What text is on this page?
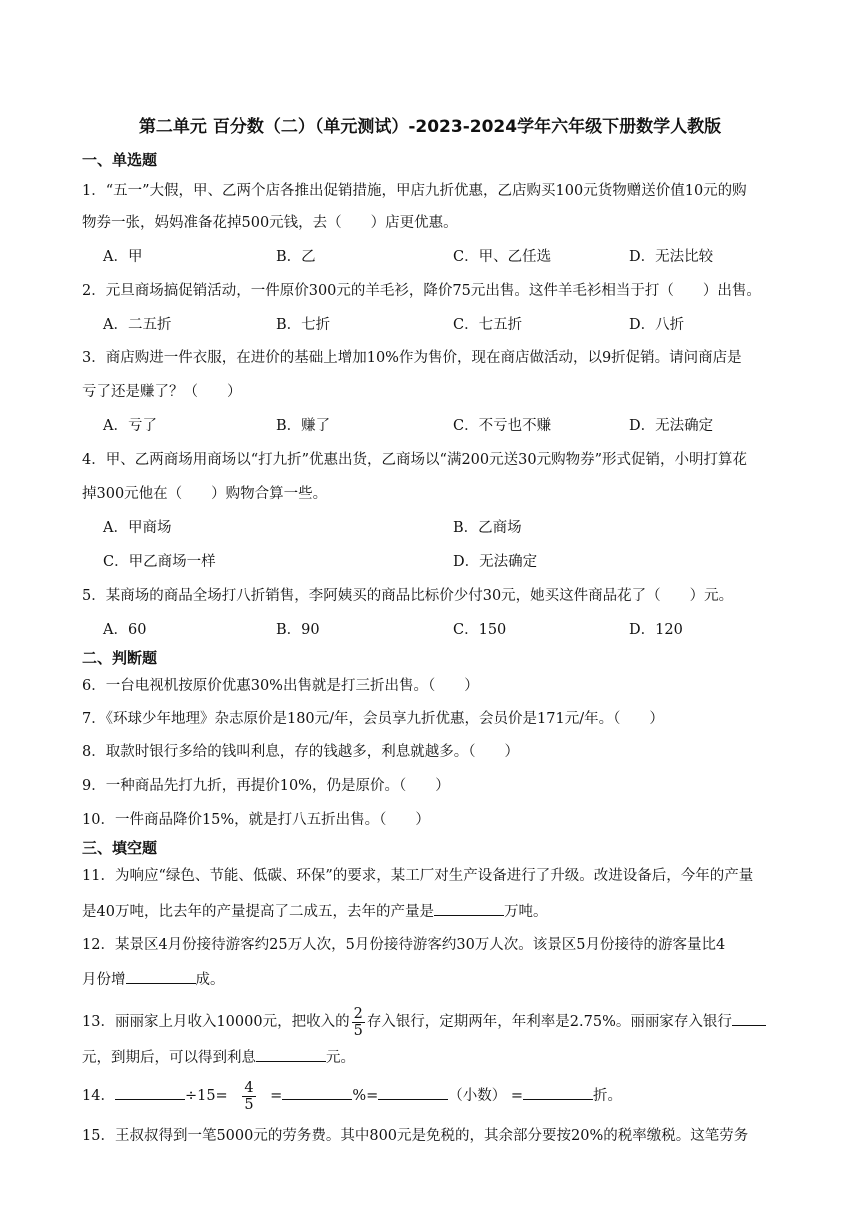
第二单元 百分数（二）（单元测试）-2023-2024学年六年级下册数学人教版
一、单选题
1．“五一”大假，甲、乙两个店各推出促销措施，甲店九折优惠，乙店购买100元货物赠送价值10元的购
物券一张，妈妈准备花掉500元钱，去（　　）店更优惠。
A．甲	B．乙	C．甲、乙任选	D．无法比较
2．元旦商场搞促销活动，一件原价300元的羊毛衫，降价75元出售。这件羊毛衫相当于打（　　）出售。
A．二五折	B．七折	C．七五折	D．八折
3．商店购进一件衣服，在进价的基础上增加10%作为售价，现在商店做活动，以9折促销。请问商店是
亏了还是赚了？（　　）
A．亏了	B．赚了	C．不亏也不赚	D．无法确定
4．甲、乙两商场用商场以“打九折”优惠出货，乙商场以“满200元送30元购物券”形式促销，小明打算花
掉300元他在（　　）购物合算一些。
A．甲商场	B．乙商场
C．甲乙商场一样	D．无法确定
5．某商场的商品全场打八折销售，李阿姨买的商品比标价少付30元，她买这件商品花了（　　）元。
A．60	B．90	C．150	D．120
二、判断题
6．一台电视机按原价优惠30%出售就是打三折出售。（　　）
7．《环球少年地理》杂志原价是180元/年，会员享九折优惠，会员价是171元/年。（　　）
8．取款时银行多给的钱叫利息，存的钱越多，利息就越多。（　　）
9．一种商品先打九折，再提价10%，仍是原价。（　　）
10．一件商品降价15%，就是打八五折出售。（　　）
三、填空题
11．为响应“绿色、节能、低碳、环保”的要求，某工厂对生产设备进行了升级。改进设备后，今年的产量
是40万吨，比去年的产量提高了二成五，去年的产量是	万吨。
12．某景区4月份接待游客约25万人次，5月份接待游客约30万人次。该景区5月份接待的游客量比4
月份增	成。
13．丽丽家上月收入10000元，把收入的 $\frac{2}{5}$ 存入银行，定期两年，年利率是2.75%。丽丽家存入银行
元，到期后，可以得到利息	元。
14．	$\div 15= \frac{4}{5}$ =	%=	（小数） =	折。
15．王叔叔得到一笔5000元的劳务费。其中800元是免税的，其余部分要按20%的税率缴税。这笔劳务
